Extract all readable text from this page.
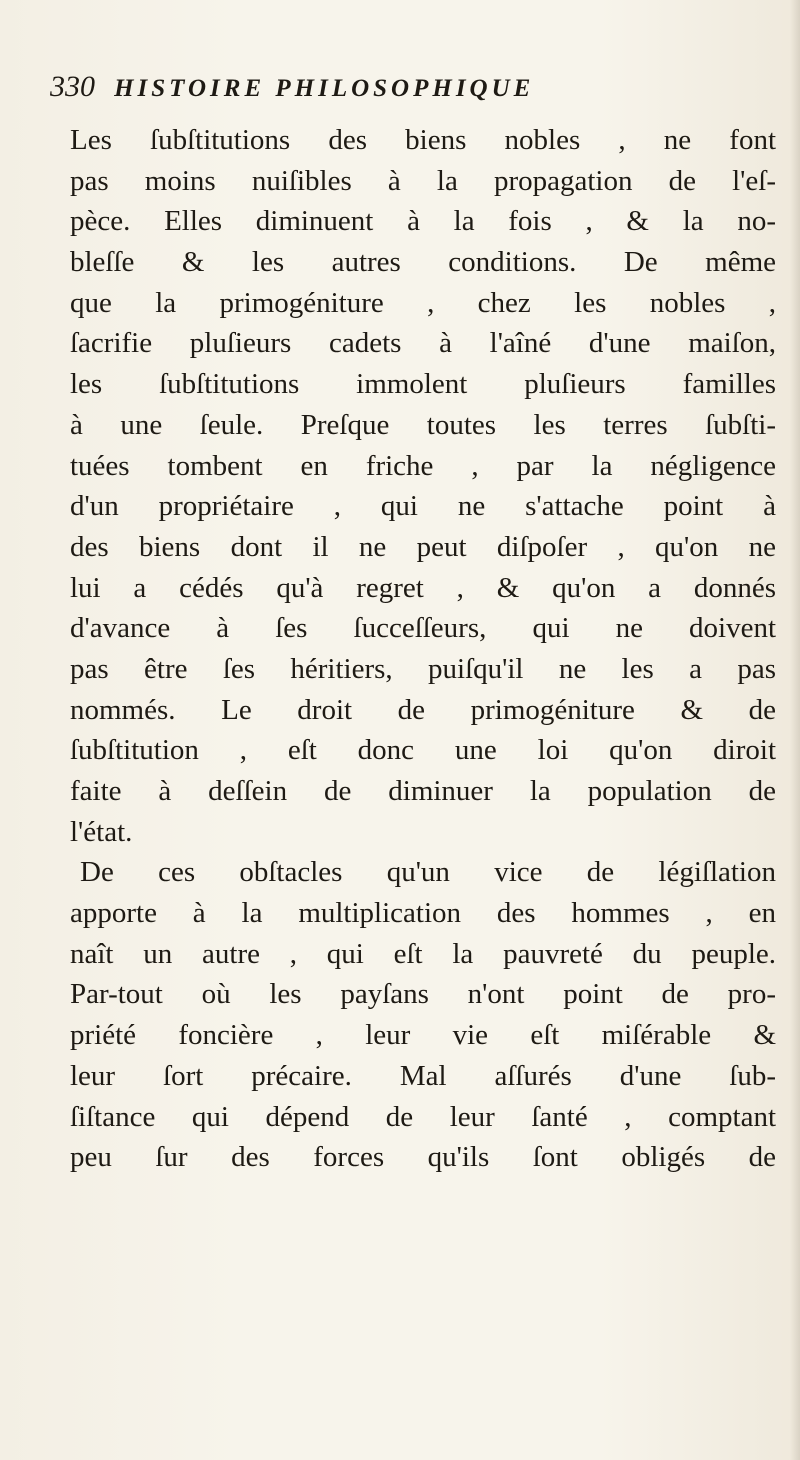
330 HISTOIRE PHILOSOPHIQUE
Les ſubſtitutions des biens nobles , ne font
pas moins nuiſibles à la propagation de l'eſ-
pèce. Elles diminuent à la fois , & la no-
bleſſe & les autres conditions. De même
que la primogéniture , chez les nobles ,
ſacrifie pluſieurs cadets à l'aîné d'une maiſon,
les ſubſtitutions immolent pluſieurs familles
à une ſeule. Preſque toutes les terres ſubſti-
tuées tombent en friche , par la négligence
d'un propriétaire , qui ne s'attache point à
des biens dont il ne peut diſpoſer , qu'on ne
lui a cédés qu'à regret , & qu'on a donnés
d'avance à ſes ſucceſſeurs, qui ne doivent
pas être ſes héritiers, puiſqu'il ne les a pas
nommés. Le droit de primogéniture & de
ſubſtitution , eſt donc une loi qu'on diroit
faite à deſſein de diminuer la population de
l'état.
De ces obſtacles qu'un vice de légiſlation
apporte à la multiplication des hommes , en
naît un autre , qui eſt la pauvreté du peuple.
Par-tout où les payſans n'ont point de pro-
priété foncière , leur vie eſt miſérable &
leur ſort précaire. Mal aſſurés d'une ſub-
ſiſtance qui dépend de leur ſanté , comptant
peu ſur des forces qu'ils ſont obligés de
